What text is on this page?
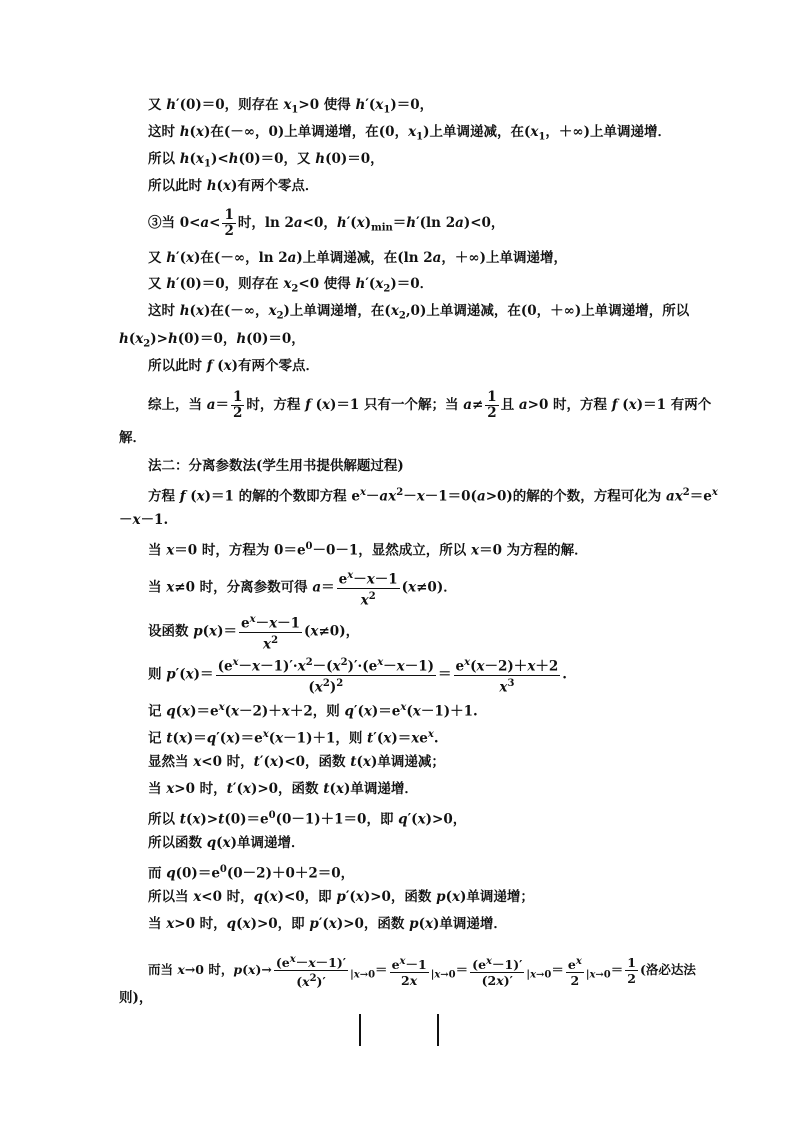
又 h′(0)＝0，则存在 $x_1>0$ 使得 $h'(x_1)=0$，
这时 h(x)在(－∞，0)上单调递增，在(0，$x_1$)上单调递减，在($x_1$，＋∞)上单调递增．
所以 $h(x_1)<h(0)=0$，又 h(0)＝0，
所以此时 h(x)有两个零点．
③当 $0<a< \frac{1}{2}$ 时，ln 2a<0，$h'(x)_{min}=h'(\ln$ 2a)<0，
又 h′(x)在(－∞，ln 2a)上单调递减，在(ln 2a，＋∞)上单调递增，
又 h′(0)＝0，则存在 $x_2<0$ 使得 $h'(x_2)=0$．
这时 h(x)在(－∞，$x_2$)上单调递增，在$(x_2,0)$上单调递减，在(0，＋∞)上单调递增，所以
$h(x_2)>h(0)=0$，h(0)＝0，
所以此时 f (x)有两个零点．
综上，当 $a= \frac{1}{2}$ 时，方程 f (x)＝1 只有一个解；当 $a\ne \frac{1}{2}$ 且 a>0 时，方程 f (x)＝1 有两个
解．
法二：分离参数法(学生用书提供解题过程)
方程 f (x)＝1 的解的个数即方程 $e^x-ax^2-x-1=0(a>0)$的解的个数，方程可化为 $ax^2=e^x$
－x－1.
当 x＝0 时，方程为 $0=e^0-0-1$，显然成立，所以 x＝0 为方程的解．
当 x≠0 时，分离参数可得 $a= \frac{e^x-x-1}{x^2} (x\ne 0)$．
设函数 $p(x)= \frac{e^x-x-1}{x^2} (x\ne 0)$，
则 $p'(x)= \frac{(e^x-x-1)'\cdot x^2-(x^2)'\cdot(e^x-x-1)}{(x^2)^2} = \frac{e^x(x-2)+x+2}{x^3}$ .
记 $q(x)=e^x(x-2)+x+2$，则 $q'(x)=e^x(x-1)+1$.
记 $t(x)=q'(x)=e^x(x-1)+1$，则 $t'(x)=xe^x$.
显然当 x<0 时，t′(x)<0，函数 t(x)单调递减；
当 x>0 时，t′(x)>0，函数 t(x)单调递增．
所以 $t(x)>t(0)=e^0(0-1)+1=0$，即 q′(x)>0，
所以函数 q(x)单调递增．
而 $q(0)=e^0(0-2)+0+2=0$，
所以当 x<0 时，q(x)<0，即 p′(x)>0，函数 p(x)单调递增；
当 x>0 时，q(x)>0，即 p′(x)>0，函数 p(x)单调递增．
而当 x→0 时，$p(x)\to \frac{(e^x-x-1)'}{(x^2)'} _{|x\to 0}= \frac{e^x-1}{2x} _{|x\to 0}= \frac{(e^x-1)'}{(2x)'} _{|x\to 0}= \frac{e^x}{2} _{|x\to 0}= \frac{1}{2}$ (洛必达法
则)，
